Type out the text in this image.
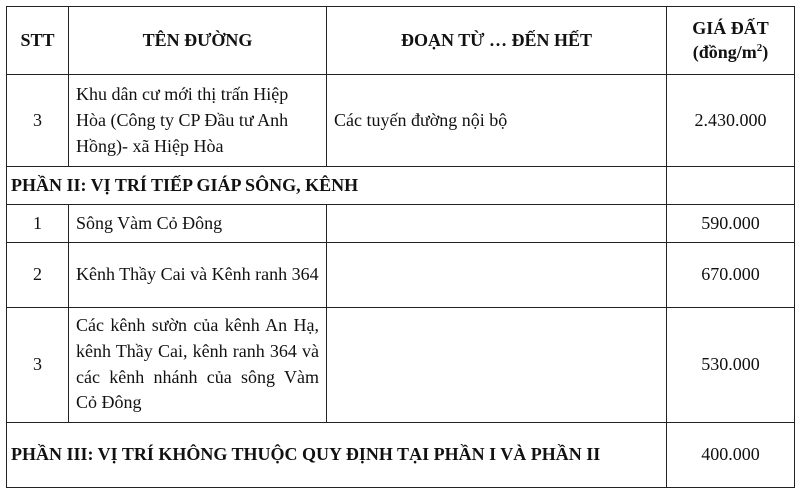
STT	TÊN ĐƯỜNG	ĐOẠN TỪ … ĐẾN HẾT	GIÁ ĐẤT
$(đồng/m^2)$
3	Khu dân cư mới thị trấn Hiệp Hòa (Công ty CP Đầu tư Anh Hồng)- xã Hiệp Hòa	Các tuyến đường nội bộ	2.430.000
PHẦN II: VỊ TRÍ TIẾP GIÁP SÔNG, KÊNH			
1	Sông Vàm Cỏ Đông		590.000
2	Kênh Thầy Cai và Kênh ranh 364		670.000
3	Các kênh sườn của kênh An Hạ, kênh Thầy Cai, kênh ranh 364 và các kênh nhánh của sông Vàm Cỏ Đông		530.000
PHẦN III: VỊ TRÍ KHÔNG THUỘC QUY ĐỊNH TẠI PHẦN I VÀ PHẦN II			400.000
